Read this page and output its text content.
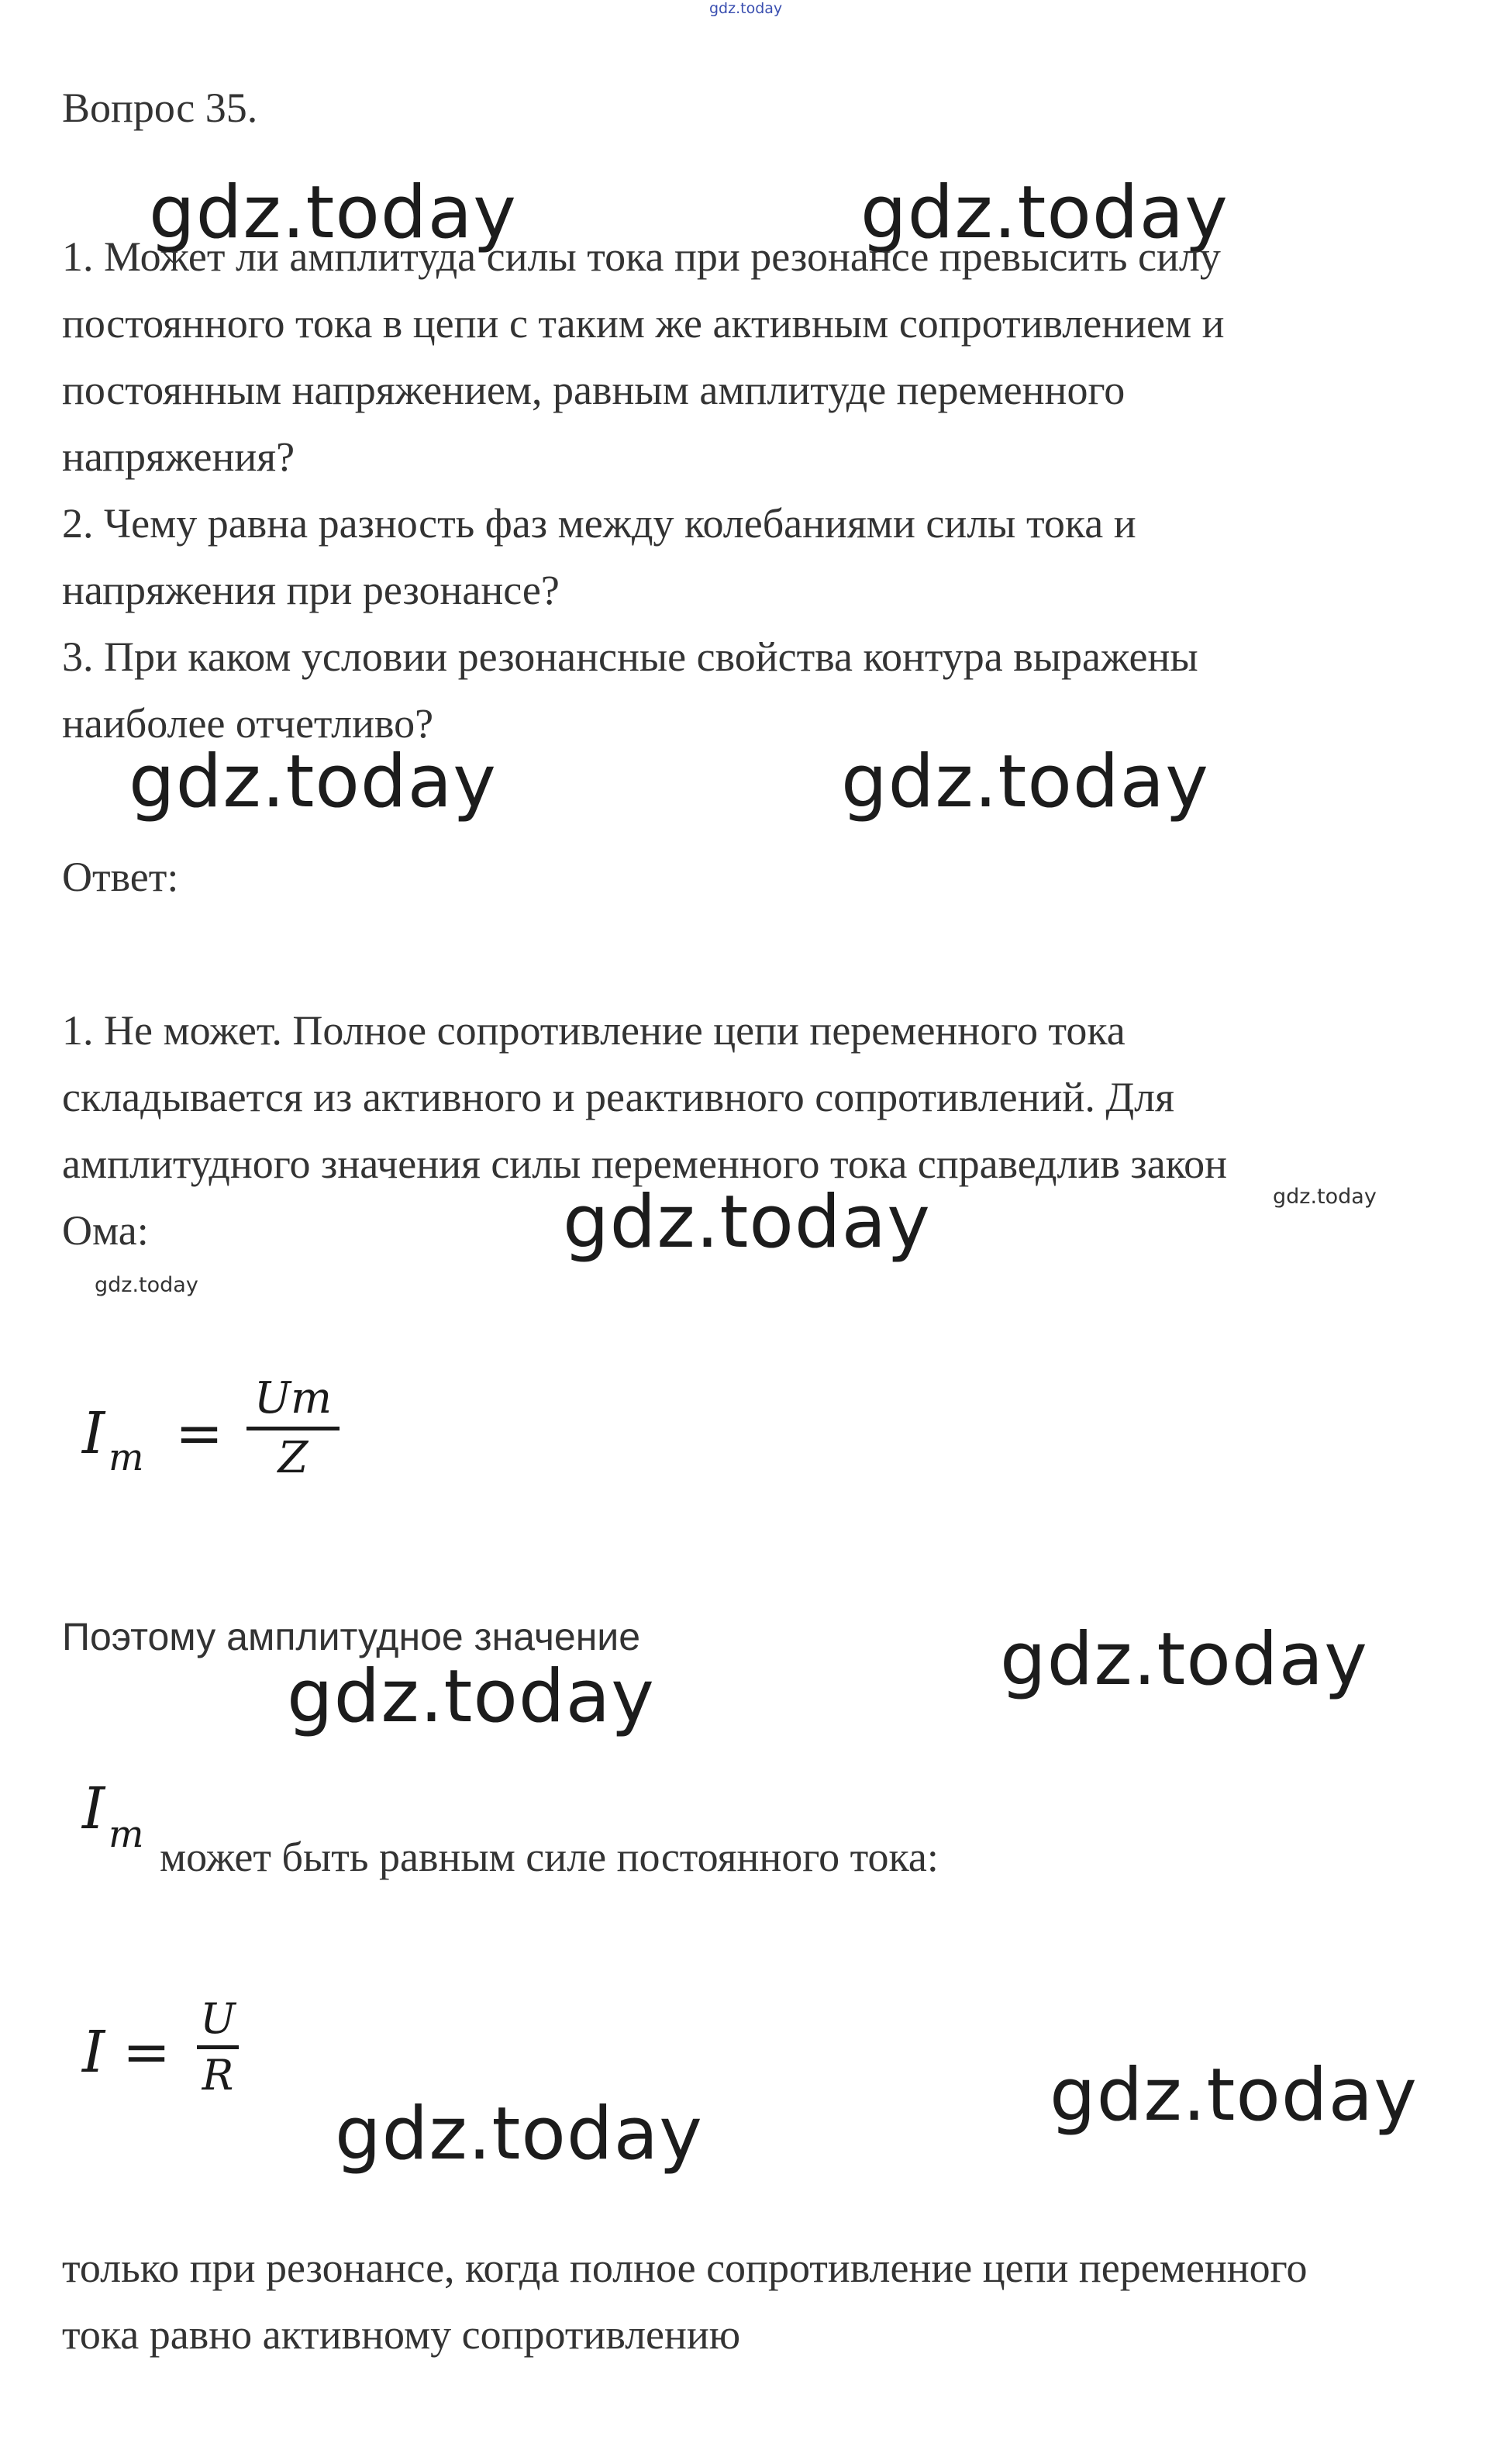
gdz.today
Вопрос 35.
gdz.today	gdz.today
1. Может ли амплитуда силы тока при резонансе превысить силу
постоянного тока в цепи с таким же активным сопротивлением и
постоянным напряжением, равным амплитуде переменного
напряжения?
2. Чему равна разность фаз между колебаниями силы тока и
напряжения при резонансе?
3. При каком условии резонансные свойства контура выражены
наиболее отчетливо?
gdz.today	gdz.today
Ответ:
1. Не может. Полное сопротивление цепи переменного тока
складывается из активного и реактивного сопротивлений. Для
амплитудного значения силы переменного тока справедлив закон
Ома:	gdz.today	gdz.today
gdz.today
I m =
Um
Z
Поэтому амплитудное значение	gdz.today
gdz.today
I m может быть равным силе постоянного тока:
I =
U
R	gdz.today
gdz.today
только при резонансе, когда полное сопротивление цепи переменного
тока равно активному сопротивлению
